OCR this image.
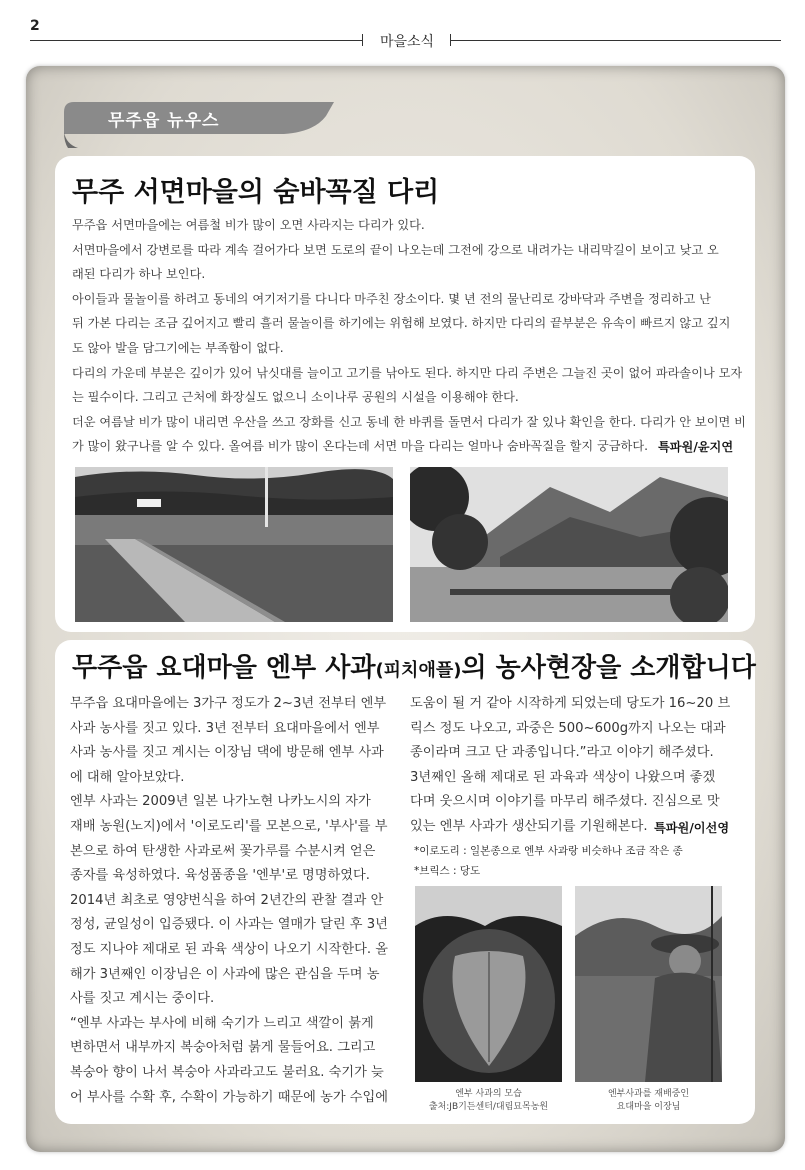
2
마을소식
무주읍 뉴우스
무주 서면마을의 숨바꼭질 다리
무주읍 서면마을에는 여름철 비가 많이 오면 사라지는 다리가 있다.
서면마을에서 강변로를 따라 계속 걸어가다 보면 도로의 끝이 나오는데 그전에 강으로 내려가는 내리막길이 보이고 낮고 오
래된 다리가 하나 보인다.
아이들과 물놀이를 하려고 동네의 여기저기를 다니다 마주친 장소이다. 몇 년 전의 물난리로 강바닥과 주변을 정리하고 난
뒤 가본 다리는 조금 깊어지고 빨리 흘러 물놀이를 하기에는 위험해 보였다. 하지만 다리의 끝부분은 유속이 빠르지 않고 깊지
도 않아 발을 담그기에는 부족함이 없다.
다리의 가운데 부분은 깊이가 있어 낚싯대를 늘이고 고기를 낚아도 된다. 하지만 다리 주변은 그늘진 곳이 없어 파라솔이나 모자
는 필수이다. 그리고 근처에 화장실도 없으니 소이나루 공원의 시설을 이용해야 한다.
더운 여름날 비가 많이 내리면 우산을 쓰고 장화를 신고 동네 한 바퀴를 돌면서 다리가 잘 있나 확인을 한다. 다리가 안 보이면 비
가 많이 왔구나를 알 수 있다. 올여름 비가 많이 온다는데 서면 마을 다리는 얼마나 숨바꼭질을 할지 궁금하다. 특파원/윤지연
무주읍 요대마을 엔부 사과(피치애플)의 농사현장을 소개합니다
무주읍 요대마을에는 3가구 정도가 2~3년 전부터 엔부
사과 농사를 짓고 있다. 3년 전부터 요대마을에서 엔부
사과 농사를 짓고 계시는 이장님 댁에 방문해 엔부 사과
에 대해 알아보았다.
엔부 사과는 2009년 일본 나가노현 나카노시의 자가
재배 농원(노지)에서 '이로도리'를 모본으로, '부사'를 부
본으로 하여 탄생한 사과로써 꽃가루를 수분시켜 얻은
종자를 육성하였다. 육성품종을 '엔부'로 명명하였다.
2014년 최초로 영양번식을 하여 2년간의 관찰 결과 안
정성, 균일성이 입증됐다. 이 사과는 열매가 달린 후 3년
정도 지나야 제대로 된 과육 색상이 나오기 시작한다. 올
해가 3년째인 이장님은 이 사과에 많은 관심을 두며 농
사를 짓고 계시는 중이다.
“엔부 사과는 부사에 비해 숙기가 느리고 색깔이 붉게
변하면서 내부까지 복숭아처럼 붉게 물들어요. 그리고
복숭아 향이 나서 복숭아 사과라고도 불러요. 숙기가 늦
어 부사를 수확 후, 수확이 가능하기 때문에 농가 수입에
도움이 될 거 같아 시작하게 되었는데 당도가 16~20 브
릭스 정도 나오고, 과중은 500~600g까지 나오는 대과
종이라며 크고 단 과종입니다.”라고 이야기 해주셨다.
3년째인 올해 제대로 된 과육과 색상이 나왔으며 좋겠
다며 웃으시며 이야기를 마무리 해주셨다. 진심으로 맛
있는 엔부 사과가 생산되기를 기원해본다. 특파원/이선영
*이로도리 : 일본종으로 엔부 사과랑 비슷하나 조금 작은 종
*브릭스 : 당도
엔부 사과의 모습
출처:JB기든센터/대림묘목농원
엔부사과를 재배중인
요대마을 이장님
